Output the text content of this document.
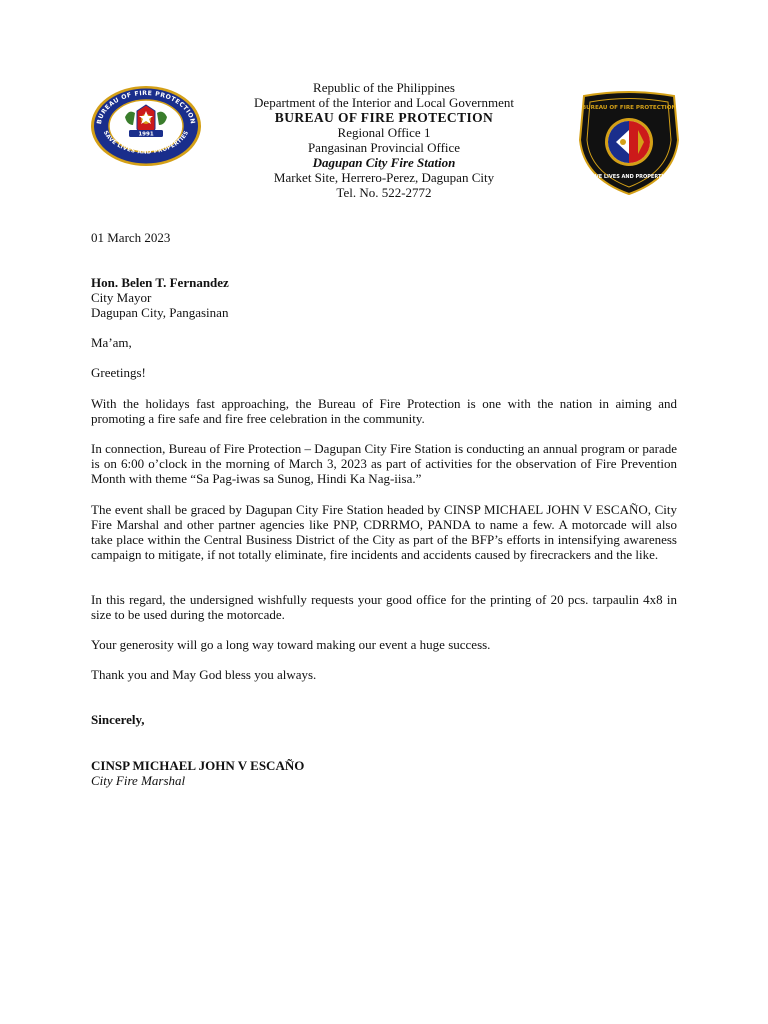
BUREAU OF FIRE PROTECTION
SAVE LIVES AND PROPERTIES
1991
Republic of the Philippines
Department of the Interior and Local Government
BUREAU OF FIRE PROTECTION
Regional Office 1
Pangasinan Provincial Office
Dagupan City Fire Station
Market Site, Herrero-Perez, Dagupan City
Tel. No. 522-2772
BUREAU OF FIRE PROTECTION
SAVE LIVES AND PROPERTIES
01 March 2023
Hon. Belen T. Fernandez
City Mayor
Dagupan City, Pangasinan
Ma’am,
Greetings!

With the holidays fast approaching, the Bureau of Fire Protection is one with the nation in aiming and promoting a fire safe and fire free celebration in the community.

In connection, Bureau of Fire Protection – Dagupan City Fire Station is conducting an annual program or parade is on 6:00 o’clock in the morning of March 3, 2023 as part of activities for the observation of Fire Prevention Month with theme “Sa Pag-iwas sa Sunog, Hindi Ka Nag-iisa.”

The event shall be graced by Dagupan City Fire Station headed by CINSP MICHAEL JOHN V ESCAÑO, City Fire Marshal and other partner agencies like PNP, CDRRMO, PANDA to name a few. A motorcade will also take place within the Central Business District of the City as part of the BFP’s efforts in intensifying awareness campaign to mitigate, if not totally eliminate, fire incidents and accidents caused by firecrackers and the like.

In this regard, the undersigned wishfully requests your good office for the printing of 20 pcs. tarpaulin 4x8 in size to be used during the motorcade.

Your generosity will go a long way toward making our event a huge success.

Thank you and May God bless you always.

Sincerely,
CINSP MICHAEL JOHN V ESCAÑO
City Fire Marshal
